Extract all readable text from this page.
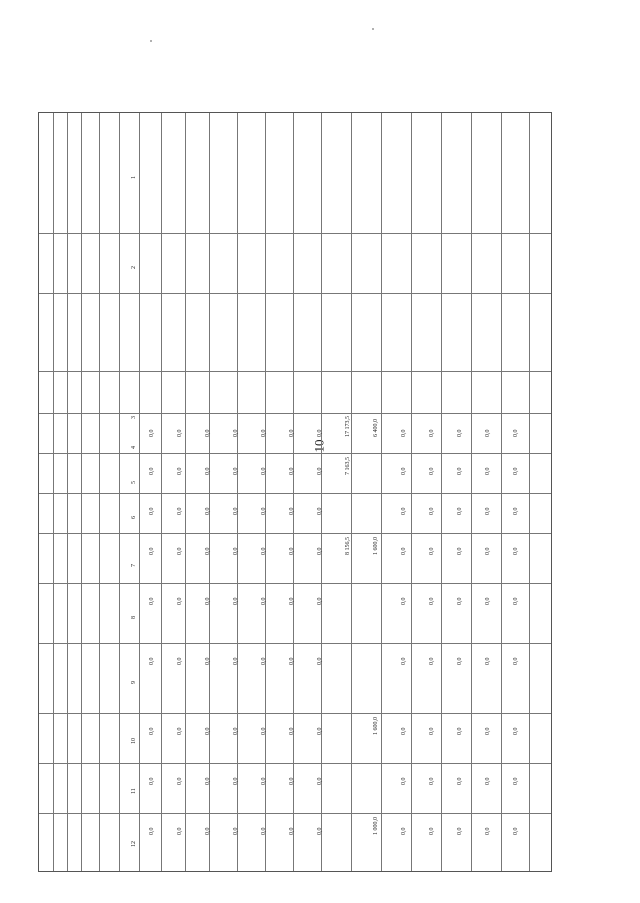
10
1
2
3
4
5
6
7
8
9
10
11
12
0,0
0,0
0,0
0,0
0,0
0,0
0,0
0,0
0,0
0,0
0,0
0,0
0,0
0,0
0,0
0,0
0,0
0,0
0,0
0,0
0,0
0,0
0,0
0,0
0,0
0,0
0,0
0,0
0,0
0,0
0,0
0,0
0,0
0,0
0,0
0,0
0,0
0,0
0,0
0,0
0,0
0,0
0,0
0,0
0,0
0,0
0,0
0,0
0,0
0,0
0,0
0,0
0,0
0,0
0,0
0,0
0,0
0,0
0,0
0,0
0,0
0,0
0,0
17 173,5
7 163,5
8 156,5
6 400,0
1 600,0
1 600,0
1 000,0
0,0
0,0
0,0
0,0
0,0
0,0
0,0
0,0
0,0
0,0
0,0
0,0
0,0
0,0
0,0
0,0
0,0
0,0
0,0
0,0
0,0
0,0
0,0
0,0
0,0
0,0
0,0
0,0
0,0
0,0
0,0
0,0
0,0
0,0
0,0
0,0
0,0
0,0
0,0
0,0
0,0
0,0
0,0
0,0
0,0
